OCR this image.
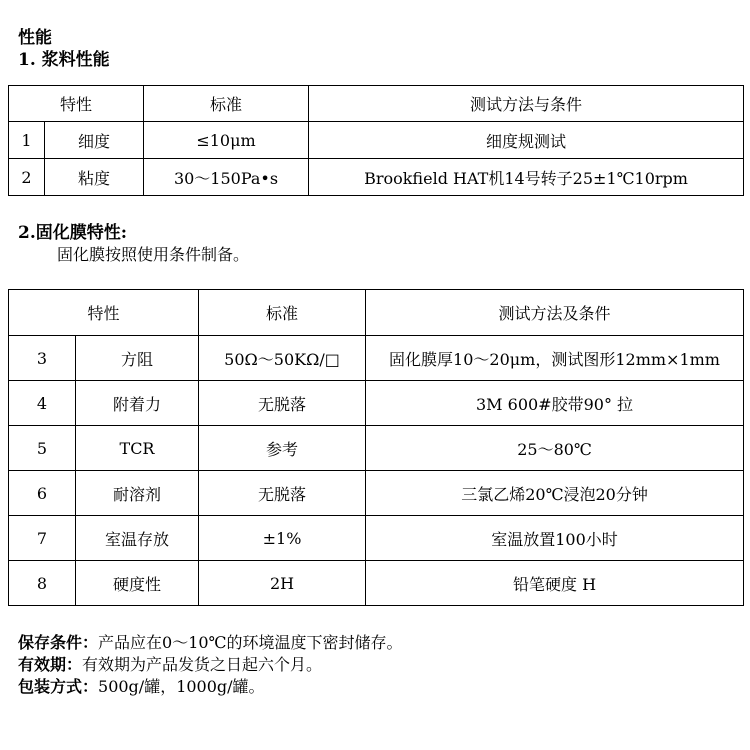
性能
1. 浆料性能
特性		标准	测试方法与条件
1	细度	≤10μm	细度规测试
2	粘度	30～150Pa•s	Brookfield HAT机14号转子25±1℃10rpm
2.固化膜特性:
固化膜按照使用条件制备。
特性		标准	测试方法及条件
3	方阻	50Ω～50KΩ/□	固化膜厚10～20μm，测试图形12mm×1mm
4	附着力	无脱落	3M 600#胶带90° 拉
5	TCR	参考	25～80℃
6	耐溶剂	无脱落	三氯乙烯20℃浸泡20分钟
7	室温存放	±1%	室温放置100小时
8	硬度性	2H	铅笔硬度 H
保存条件：产品应在0～10℃的环境温度下密封储存。
有效期：有效期为产品发货之日起六个月。
包装方式：500g/罐，1000g/罐。
